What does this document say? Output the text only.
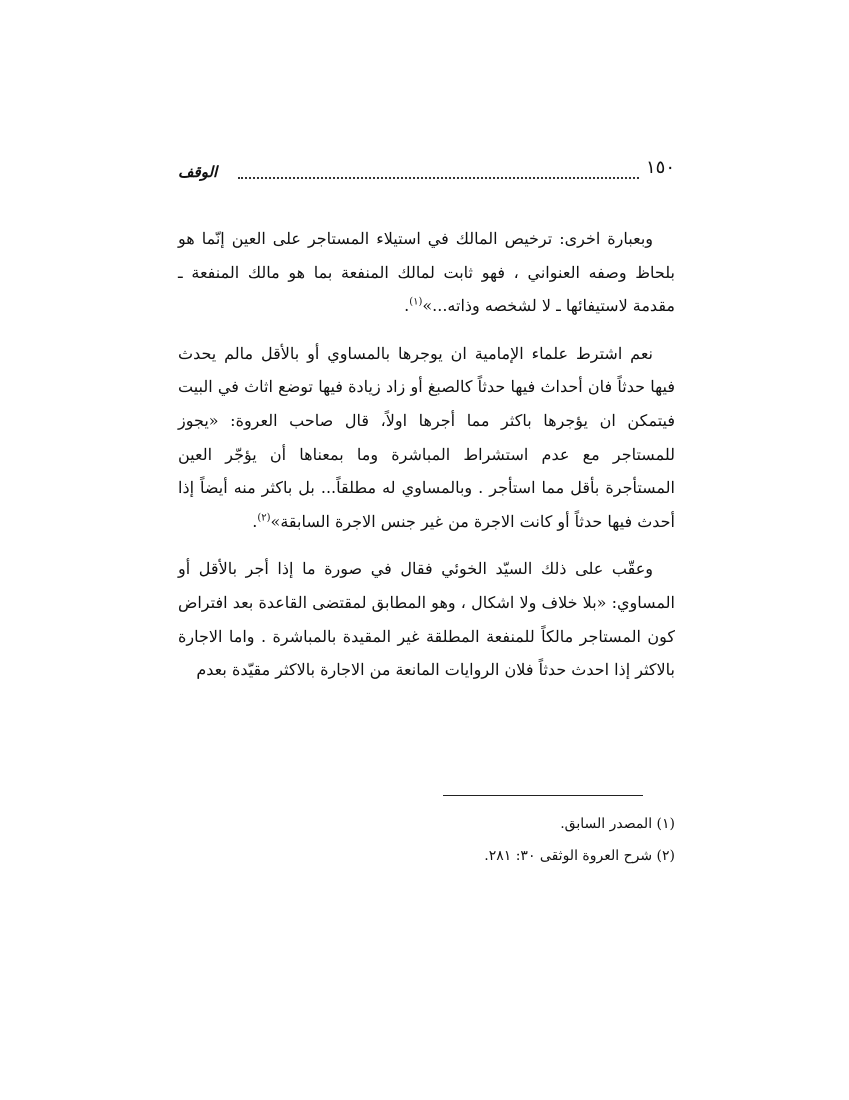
١٥٠
الوقف

وبعبارة اخرى: ترخيص المالك في استيلاء المستاجر على العين إنّما هو بلحاظ وصفه العنواني ، فهو ثابت لمالك المنفعة بما هو مالك المنفعة ـ مقدمة لاستيفائها ـ لا لشخصه وذاته...»$^{(١)}$.

نعم اشترط علماء الإمامية ان يوجرها بالمساوي أو بالأقل مالم يحدث فيها حدثاً فان أحداث فيها حدثاً كالصبغ أو زاد زيادة فيها توضع اثاث في البيت فيتمكن ان يؤجرها باكثر مما أجرها اولاً، قال صاحب العروة: «يجوز للمستاجر مع عدم استشراط المباشرة وما بمعناها أن يؤجّر العين المستأجرة بأقل مما استأجر . وبالمساوي له مطلقاً... بل باكثر منه أيضاً إذا أحدث فيها حدثاً أو كانت الاجرة من غير جنس الاجرة السابقة»$^{(٢)}$.

وعقّب على ذلك السيّد الخوئي فقال في صورة ما إذا أجر بالأقل أو المساوي: «بلا خلاف ولا اشكال ، وهو المطابق لمقتضى القاعدة بعد افتراض كون المستاجر مالكاً للمنفعة المطلقة غير المقيدة بالمباشرة . واما الاجارة بالاكثر إذا احدث حدثاً فلان الروايات المانعة من الاجارة بالاكثر مقيّدة بعدم

(١) المصدر السابق.
(٢) شرح العروة الوثقى ٣٠: ٢٨١.
